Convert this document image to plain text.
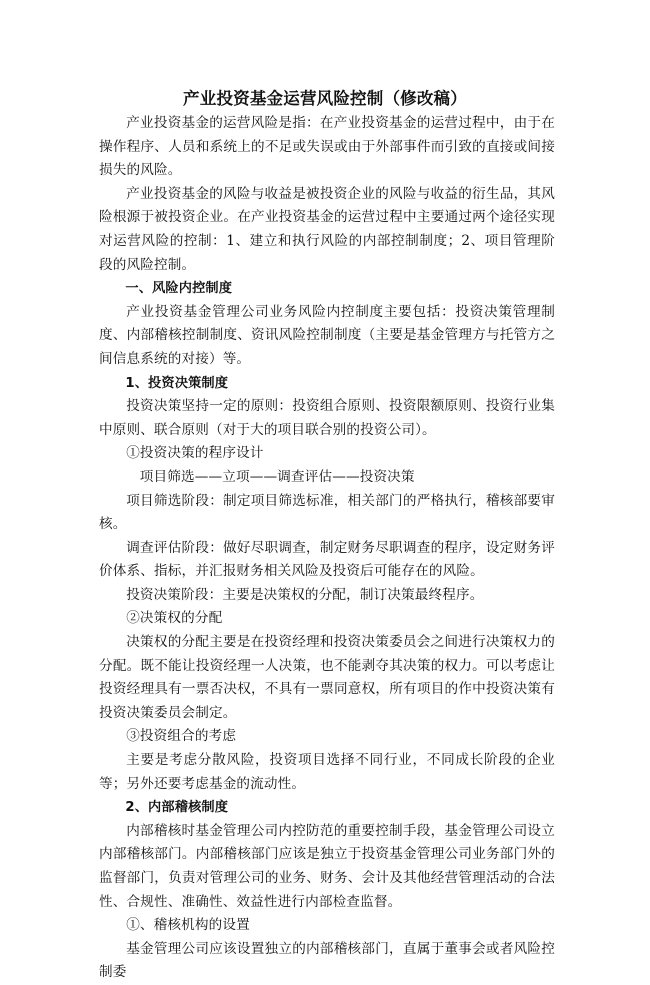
产业投资基金运营风险控制（修改稿）

产业投资基金的运营风险是指：在产业投资基金的运营过程中，由于在操作程序、人员和系统上的不足或失误或由于外部事件而引致的直接或间接损失的风险。

产业投资基金的风险与收益是被投资企业的风险与收益的衍生品，其风险根源于被投资企业。在产业投资基金的运营过程中主要通过两个途径实现对运营风险的控制：1、建立和执行风险的内部控制制度；2、项目管理阶段的风险控制。

一、风险内控制度

产业投资基金管理公司业务风险内控制度主要包括：投资决策管理制度、内部稽核控制制度、资讯风险控制制度（主要是基金管理方与托管方之间信息系统的对接）等。

1、投资决策制度

投资决策坚持一定的原则：投资组合原则、投资限额原则、投资行业集中原则、联合原则（对于大的项目联合别的投资公司）。

①投资决策的程序设计

项目筛选——立项——调查评估——投资决策

项目筛选阶段：制定项目筛选标准，相关部门的严格执行，稽核部要审核。

调查评估阶段：做好尽职调查，制定财务尽职调查的程序，设定财务评价体系、指标，并汇报财务相关风险及投资后可能存在的风险。

投资决策阶段：主要是决策权的分配，制订决策最终程序。

②决策权的分配

决策权的分配主要是在投资经理和投资决策委员会之间进行决策权力的分配。既不能让投资经理一人决策，也不能剥夺其决策的权力。可以考虑让投资经理具有一票否决权，不具有一票同意权，所有项目的作中投资决策有投资决策委员会制定。

③投资组合的考虑

主要是考虑分散风险，投资项目选择不同行业，不同成长阶段的企业等；另外还要考虑基金的流动性。

2、内部稽核制度

内部稽核时基金管理公司内控防范的重要控制手段，基金管理公司设立内部稽核部门。内部稽核部门应该是独立于投资基金管理公司业务部门外的监督部门，负责对管理公司的业务、财务、会计及其他经营管理活动的合法性、合规性、准确性、效益性进行内部检查监督。

①、稽核机构的设置

基金管理公司应该设置独立的内部稽核部门，直属于董事会或者风险控制委
